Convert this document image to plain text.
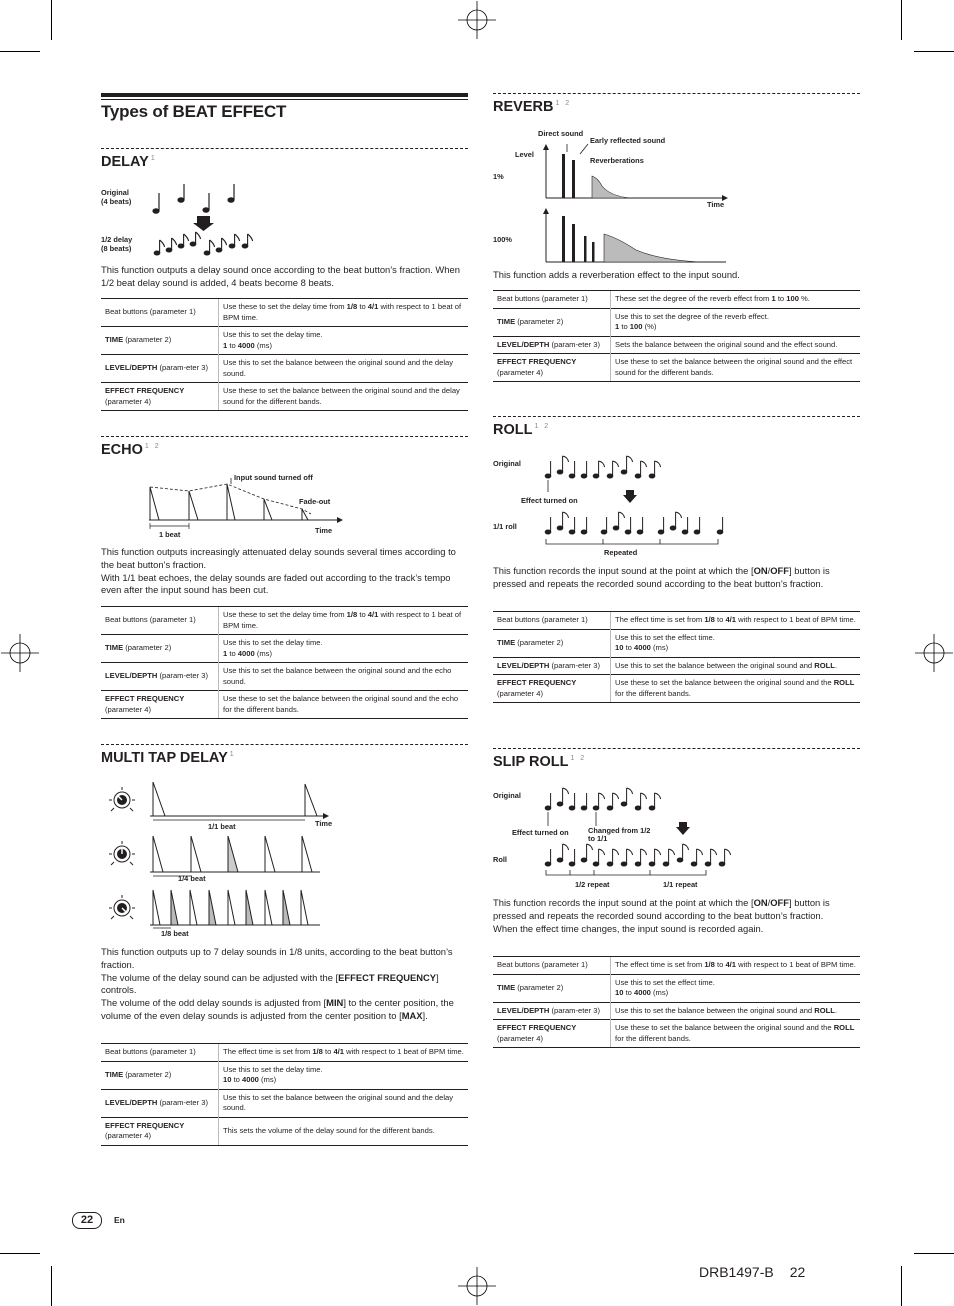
Types of BEAT EFFECT
DELAY $^1$
Original
(4 beats)
1/2 delay
(8 beats)

This function outputs a delay sound once according to the beat button’s fraction. When 1/2 beat delay sound is added, 4 beats become 8 beats.

Beat buttons (parameter 1)	Use these to set the delay time from 1/8 to 4/1 with respect to 1 beat of BPM time.
TIME (parameter 2)	Use this to set the delay time.
1 to 4000 (ms)
LEVEL/DEPTH (param-eter 3)	Use this to set the balance between the original sound and the delay sound.
EFFECT FREQUENCY
(parameter 4)	Use these to set the balance between the original sound and the delay sound for the different bands.
ECHO $^{1 2}$
Input sound turned off
Fade-out
Time
1 beat

This function outputs increasingly attenuated delay sounds several times according to the beat button’s fraction.

With 1/1 beat echoes, the delay sounds are faded out according to the track’s tempo even after the input sound has been cut.

Beat buttons (parameter 1)	Use these to set the delay time from 1/8 to 4/1 with respect to 1 beat of BPM time.
TIME (parameter 2)	Use this to set the delay time.
1 to 4000 (ms)
LEVEL/DEPTH (param-eter 3)	Use this to set the balance between the original sound and the echo sound.
EFFECT FREQUENCY
(parameter 4)	Use these to set the balance between the original sound and the echo for the different bands.
MULTI TAP DELAY $^1$
1/1 beat	Time
1/4 beat
1/8 beat

This function outputs up to 7 delay sounds in 1/8 units, according to the beat button’s fraction.

The volume of the delay sound can be adjusted with the [EFFECT FREQUENCY] controls.

The volume of the odd delay sounds is adjusted from [MIN] to the center position, the volume of the even delay sounds is adjusted from the center position to [MAX].

Beat buttons (parameter 1)	The effect time is set from 1/8 to 4/1 with respect to 1 beat of BPM time.
TIME (parameter 2)	Use this to set the delay time.
10 to 4000 (ms)
LEVEL/DEPTH (param-eter 3)	Use this to set the balance between the original sound and the delay sound.
EFFECT FREQUENCY
(parameter 4)	This sets the volume of the delay sound for the different bands.
REVERB $^{1 2}$
Direct sound
Early reflected sound
Level
Reverberations
1%
Time
100%

This function adds a reverberation effect to the input sound.

Beat buttons (parameter 1)	These set the degree of the reverb effect from 1 to 100 %.
TIME (parameter 2)	Use this to set the degree of the reverb effect.
1 to 100 (%)
LEVEL/DEPTH (param-eter 3)	Sets the balance between the original sound and the effect sound.
EFFECT FREQUENCY
(parameter 4)	Use these to set the balance between the original sound and the effect sound for the different bands.
ROLL $^{1 2}$
Original
Effect turned on
1/1 roll
Repeated

This function records the input sound at the point at which the [ON/OFF] button is pressed and repeats the recorded sound according to the beat button’s fraction.

Beat buttons (parameter 1)	The effect time is set from 1/8 to 4/1 with respect to 1 beat of BPM time.
TIME (parameter 2)	Use this to set the effect time.
10 to 4000 (ms)
LEVEL/DEPTH (param-eter 3)	Use this to set the balance between the original sound and ROLL.
EFFECT FREQUENCY
(parameter 4)	Use these to set the balance between the original sound and the ROLL for the different bands.
SLIP ROLL $^{1 2}$
Original
Effect turned on	Changed from 1/2
to 1/1
Roll
1/2 repeat	1/1 repeat

This function records the input sound at the point at which the [ON/OFF] button is pressed and repeats the recorded sound according to the beat button’s fraction.

When the effect time changes, the input sound is recorded again.

Beat buttons (parameter 1)	The effect time is set from 1/8 to 4/1 with respect to 1 beat of BPM time.
TIME (parameter 2)	Use this to set the effect time.
10 to 4000 (ms)
LEVEL/DEPTH (param-eter 3)	Use this to set the balance between the original sound and ROLL.
EFFECT FREQUENCY
(parameter 4)	Use these to set the balance between the original sound and the ROLL for the different bands.
22	En
DRB1497-B 22
